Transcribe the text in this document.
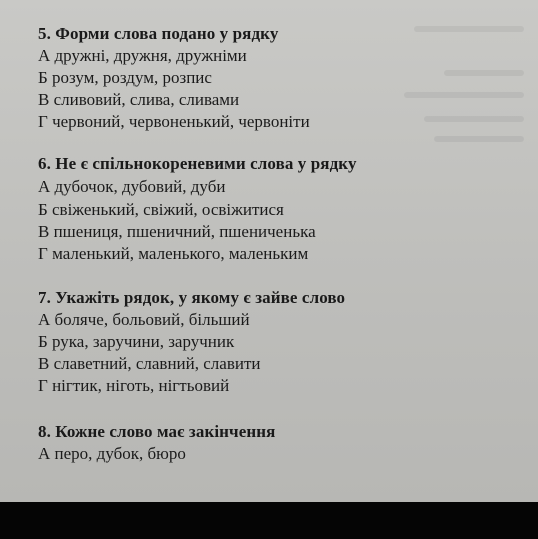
5. Форми слова подано у рядку
А дружні, дружня, дружніми
Б розум, роздум, розпис
В сливовий, слива, сливами
Г червоний, червоненький, червоніти
6. Не є спільнокореневими слова у рядку
А дубочок, дубовий, дуби
Б свіженький, свіжий, освіжитися
В пшениця, пшеничний, пшениченька
Г маленький, маленького, маленьким
7. Укажіть рядок, у якому є зайве слово
А боляче, больовий, більший
Б рука, заручини, заручник
В славетний, славний, славити
Г нігтик, ніготь, нігтьовий
8. Кожне слово має закінчення
А перо, дубок, бюро
